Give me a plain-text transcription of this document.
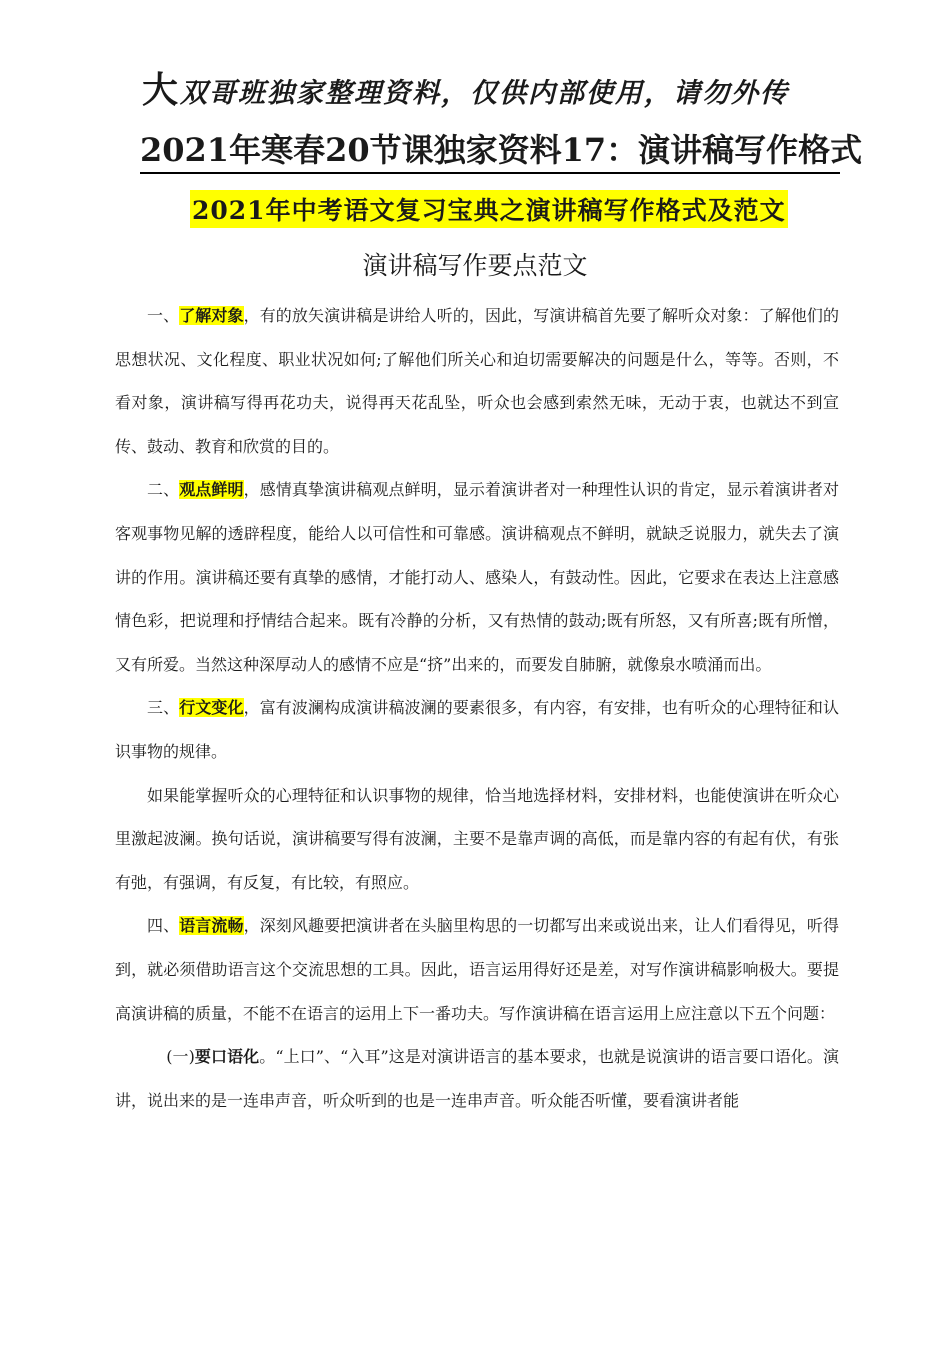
大双哥班独家整理资料，仅供内部使用，请勿外传
2021年寒春20节课独家资料17：演讲稿写作格式
2021年中考语文复习宝典之演讲稿写作格式及范文
演讲稿写作要点范文

一、了解对象，有的放矢演讲稿是讲给人听的，因此，写演讲稿首先要了解听众对象：了解他们的思想状况、文化程度、职业状况如何;了解他们所关心和迫切需要解决的问题是什么，等等。否则，不看对象，演讲稿写得再花功夫，说得再天花乱坠，听众也会感到索然无味，无动于衷，也就达不到宣传、鼓动、教育和欣赏的目的。

二、观点鲜明，感情真挚演讲稿观点鲜明，显示着演讲者对一种理性认识的肯定，显示着演讲者对客观事物见解的透辟程度，能给人以可信性和可靠感。演讲稿观点不鲜明，就缺乏说服力，就失去了演讲的作用。演讲稿还要有真挚的感情，才能打动人、感染人，有鼓动性。因此，它要求在表达上注意感情色彩，把说理和抒情结合起来。既有冷静的分析，又有热情的鼓动;既有所怒，又有所喜;既有所憎，又有所爱。当然这种深厚动人的感情不应是“挤”出来的，而要发自肺腑，就像泉水喷涌而出。

三、行文变化，富有波澜构成演讲稿波澜的要素很多，有内容，有安排，也有听众的心理特征和认识事物的规律。

如果能掌握听众的心理特征和认识事物的规律，恰当地选择材料，安排材料，也能使演讲在听众心里激起波澜。换句话说，演讲稿要写得有波澜，主要不是靠声调的高低，而是靠内容的有起有伏，有张有弛，有强调，有反复，有比较，有照应。

四、语言流畅，深刻风趣要把演讲者在头脑里构思的一切都写出来或说出来，让人们看得见，听得到，就必须借助语言这个交流思想的工具。因此，语言运用得好还是差，对写作演讲稿影响极大。要提高演讲稿的质量，不能不在语言的运用上下一番功夫。写作演讲稿在语言运用上应注意以下五个问题：

(一)要口语化。“上口”、“入耳”这是对演讲语言的基本要求，也就是说演讲的语言要口语化。演讲，说出来的是一连串声音，听众听到的也是一连串声音。听众能否听懂，要看演讲者能
